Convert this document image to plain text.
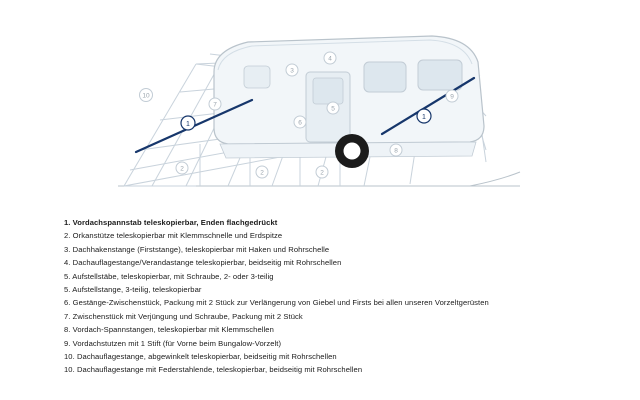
1
1
2
2	2
3
4
5
6
7
8
9
10
1. Vordachspannstab teleskopierbar, Enden flachgedrückt
2. Orkanstütze teleskopierbar mit Klemmschnelle und Erdspitze
3. Dachhakenstange (Firststange), teleskopierbar mit Haken und Rohrschelle
4. Dachauflagestange/Verandastange teleskopierbar, beidseitig mit Rohrschellen
5. Aufstellstäbe, teleskopierbar, mit Schraube, 2- oder 3-teilig
5. Aufstellstange, 3-teilig, teleskopierbar
6. Gestänge-Zwischenstück, Packung mit 2 Stück zur Verlängerung von Giebel und Firsts bei allen unseren Vorzeltgerüsten
7. Zwischenstück mit Verjüngung und Schraube, Packung mit 2 Stück
8. Vordach-Spannstangen, teleskopierbar mit Klemmschellen
9. Vordachstutzen mit 1 Stift (für Vorne beim Bungalow-Vorzelt)
10. Dachauflagestange, abgewinkelt teleskopierbar, beidseitig mit Rohrschellen
10. Dachauflagestange mit Federstahlende, teleskopierbar, beidseitig mit Rohrschellen
